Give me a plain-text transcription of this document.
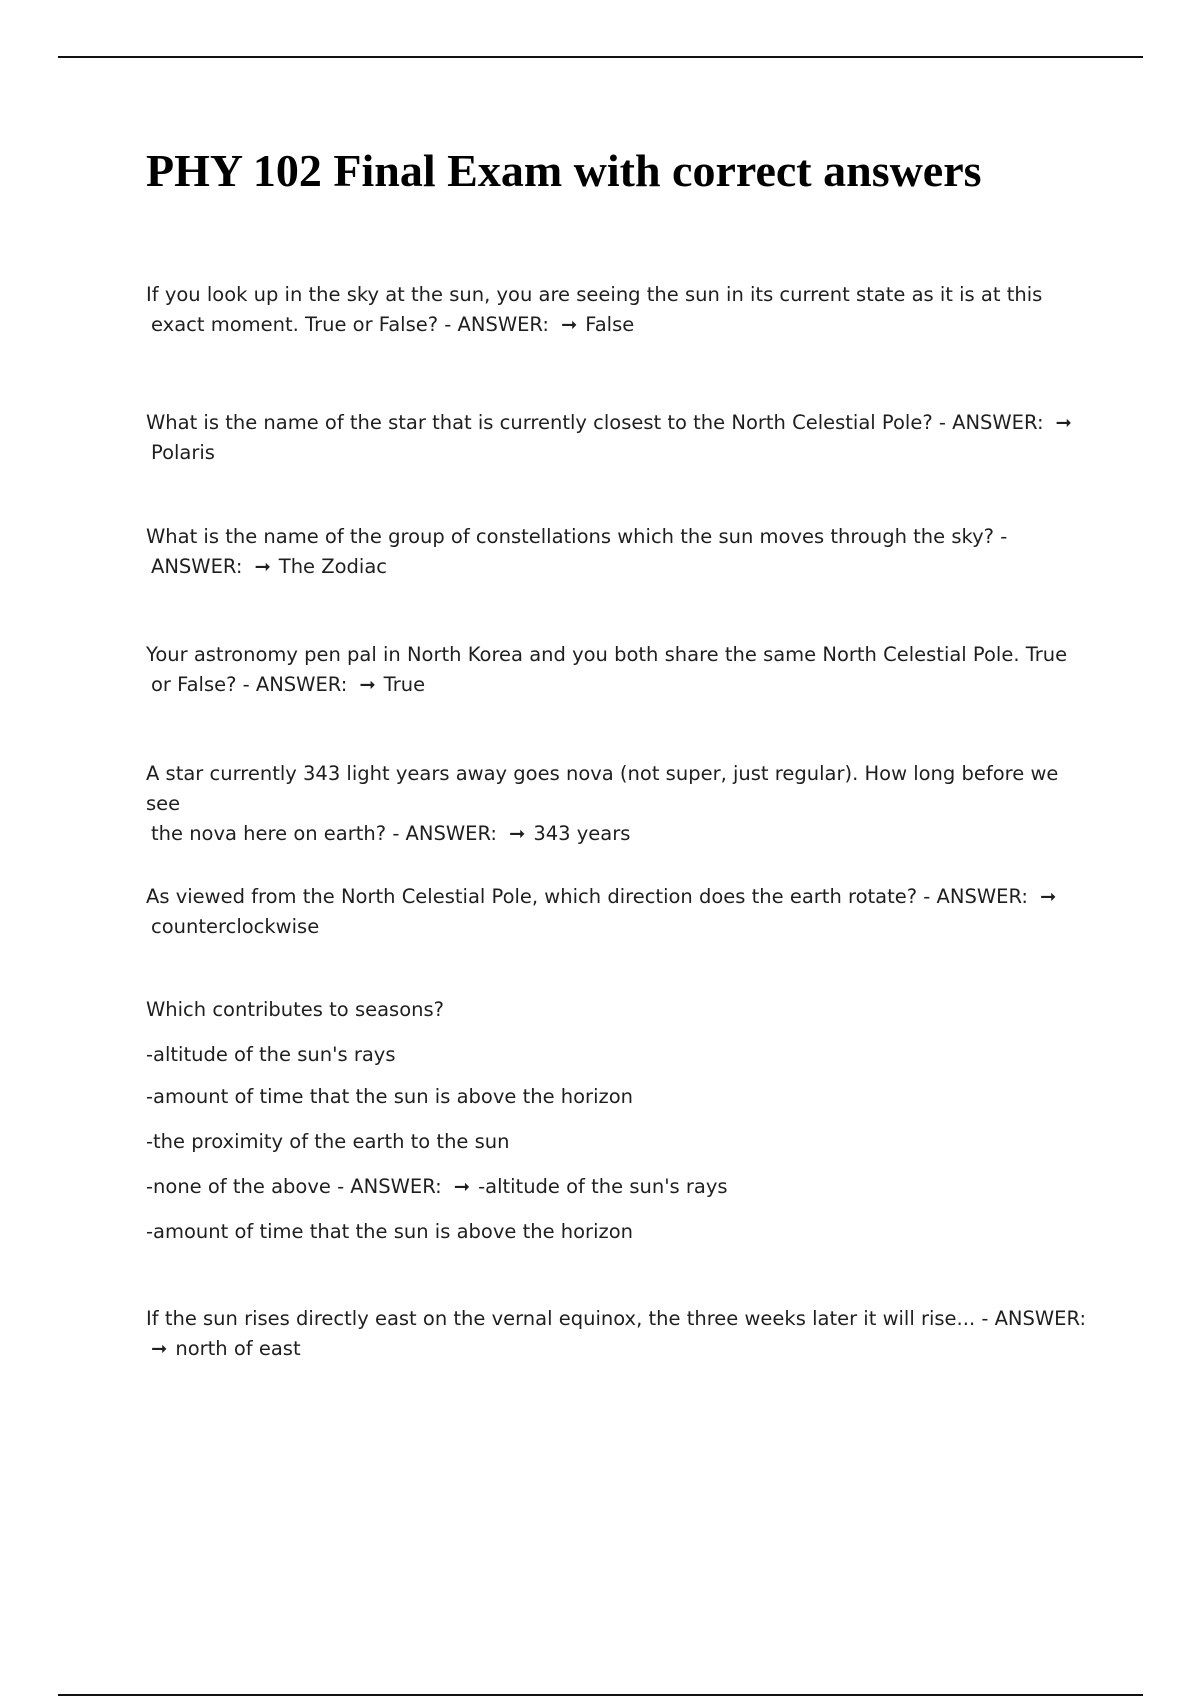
PHY 102 Final Exam with correct answers
If you look up in the sky at the sun, you are seeing the sun in its current state as it is at this
exact moment. True or False? - ANSWER: ➞ False
What is the name of the star that is currently closest to the North Celestial Pole? - ANSWER: ➞
Polaris
What is the name of the group of constellations which the sun moves through the sky? -
ANSWER: ➞ The Zodiac
Your astronomy pen pal in North Korea and you both share the same North Celestial Pole. True
or False? - ANSWER: ➞ True
A star currently 343 light years away goes nova (not super, just regular). How long before we see
the nova here on earth? - ANSWER: ➞ 343 years
As viewed from the North Celestial Pole, which direction does the earth rotate? - ANSWER: ➞
counterclockwise
Which contributes to seasons?
-altitude of the sun's rays
-amount of time that the sun is above the horizon
-the proximity of the earth to the sun
-none of the above - ANSWER: ➞ -altitude of the sun's rays
-amount of time that the sun is above the horizon
If the sun rises directly east on the vernal equinox, the three weeks later it will rise... - ANSWER:
➞ north of east
